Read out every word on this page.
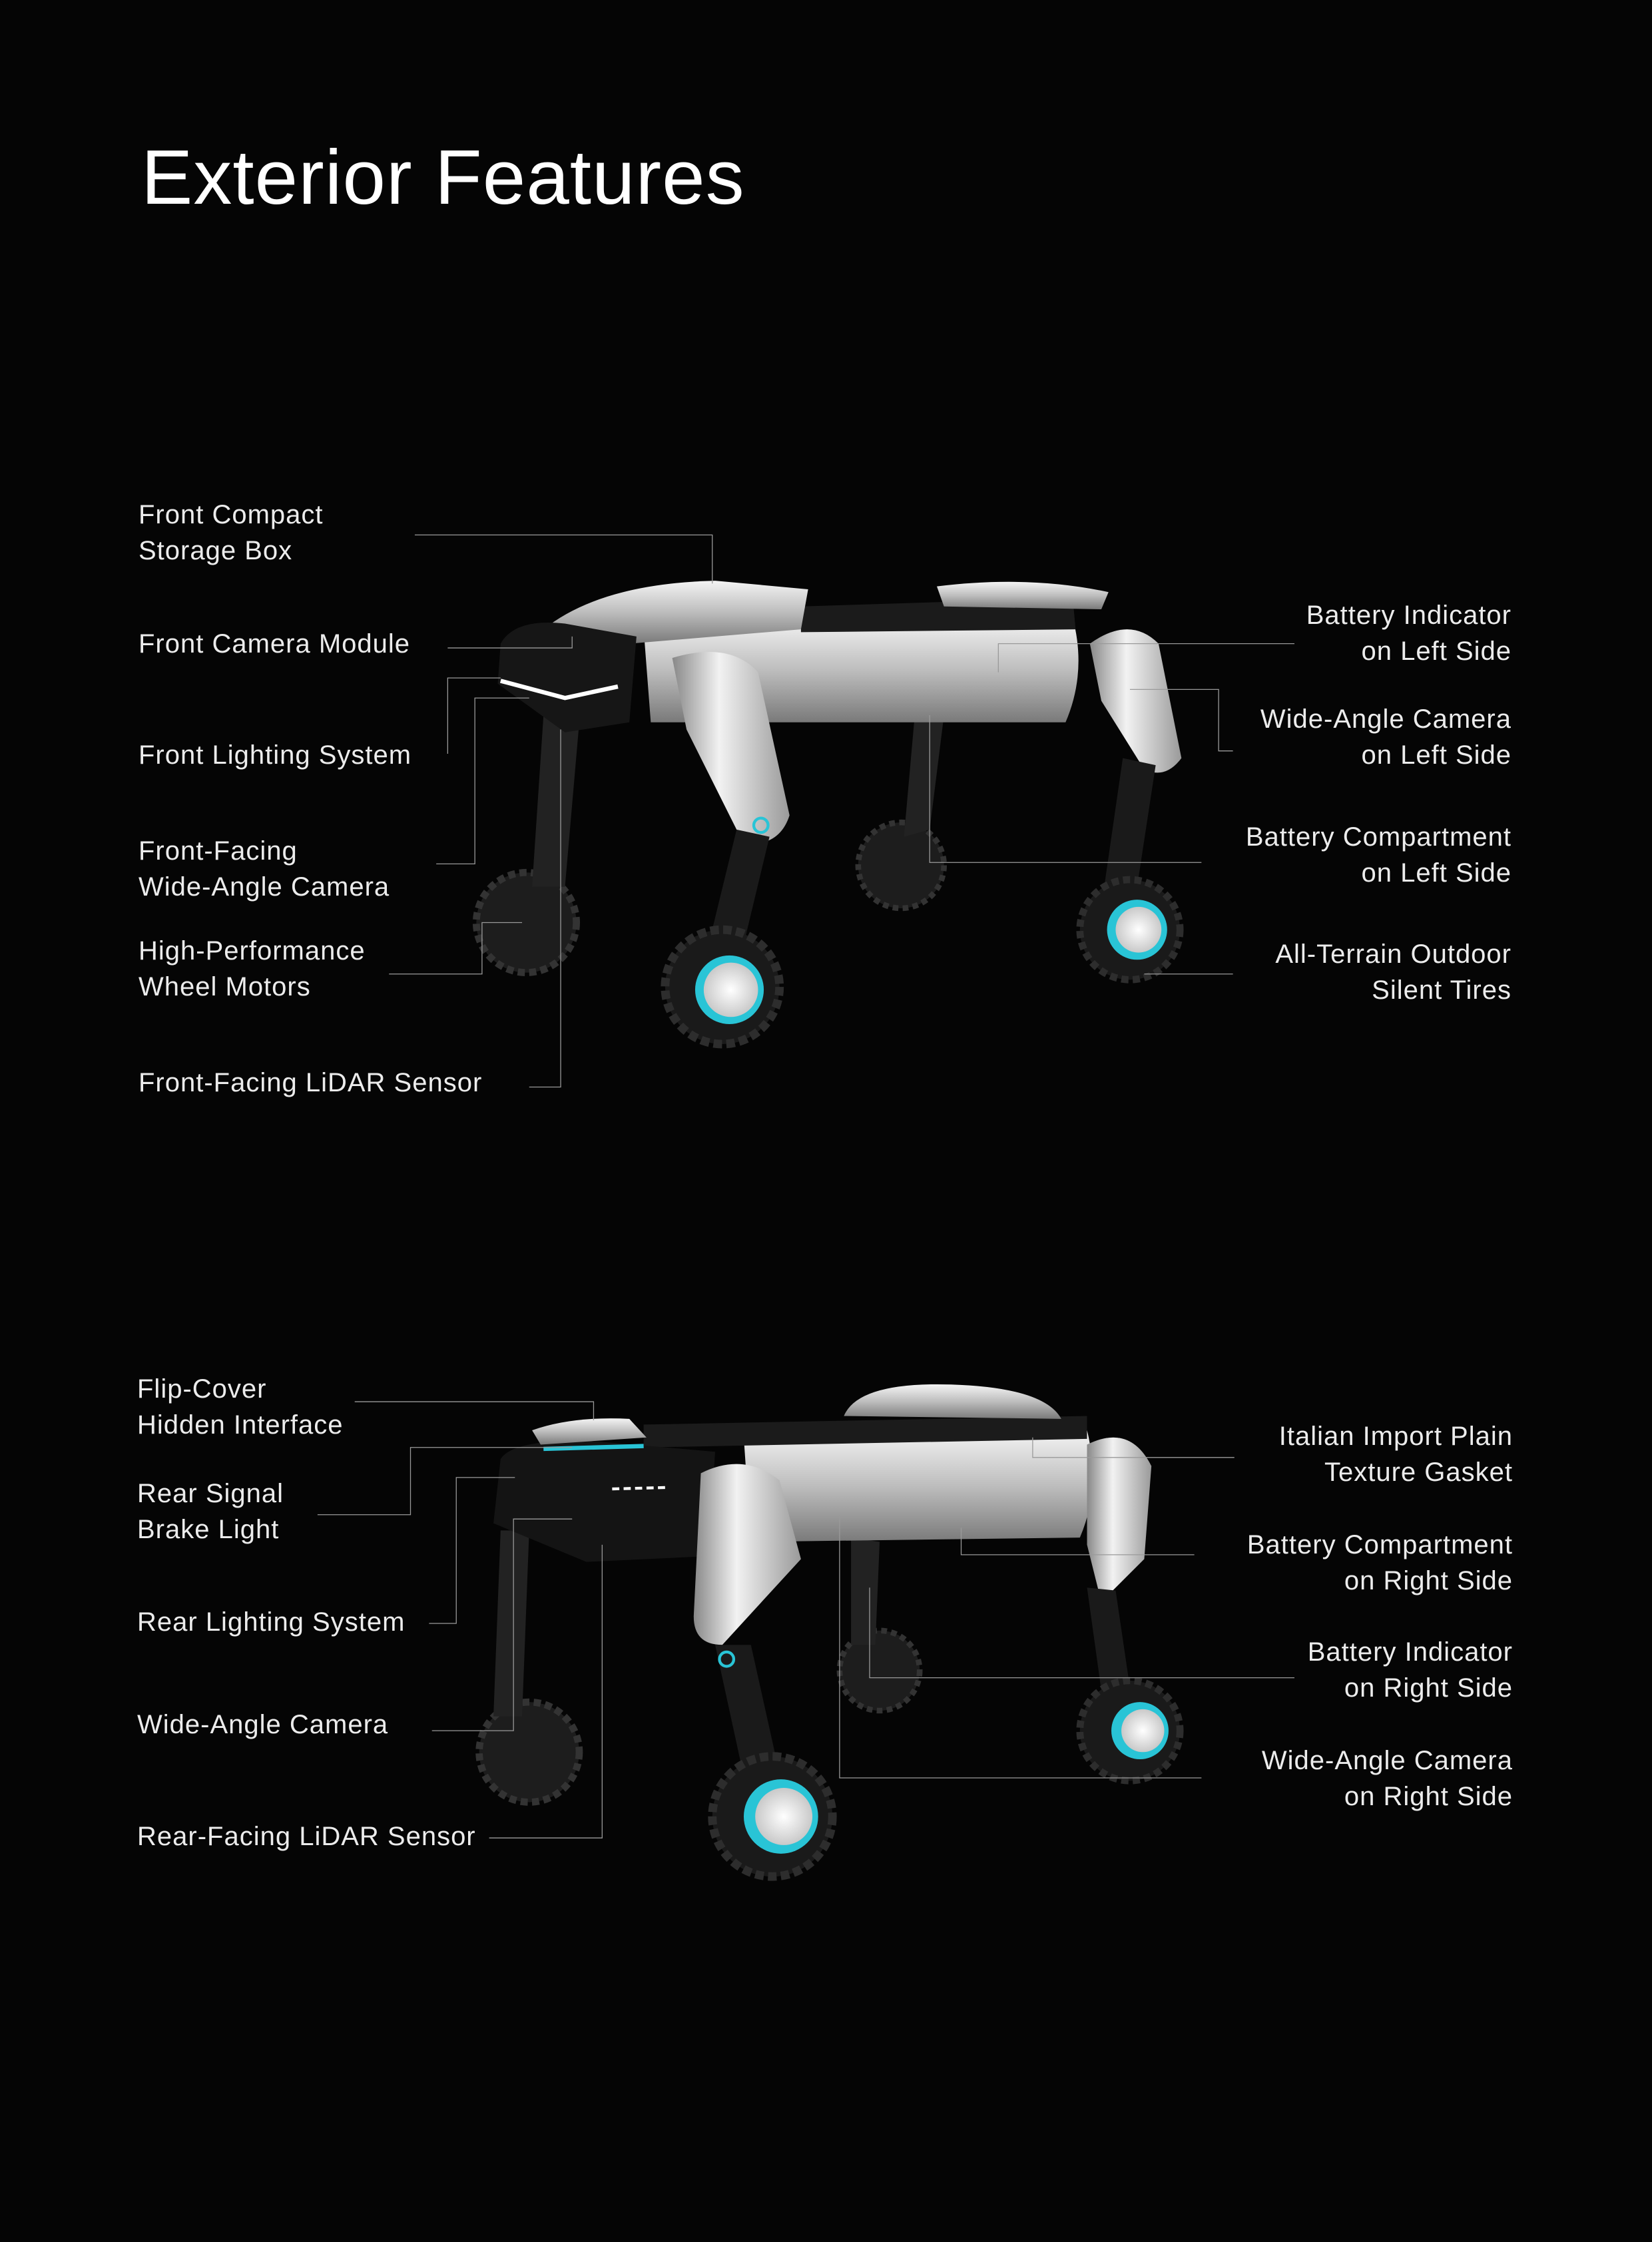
Exterior Features
Front Compact
Storage Box
Front Camera Module
Front Lighting System
Front-Facing
Wide-Angle Camera
High-Performance
Wheel Motors
Front-Facing LiDAR Sensor
Battery Indicator
on Left Side
Wide-Angle Camera
on Left Side
Battery Compartment
on Left Side
All-Terrain Outdoor
Silent Tires
Flip-Cover
Hidden Interface
Rear Signal
Brake Light
Rear Lighting System
Wide-Angle Camera
Rear-Facing LiDAR Sensor
Italian Import Plain
Texture Gasket
Battery Compartment
on Right Side
Battery Indicator
on Right Side
Wide-Angle Camera
on Right Side
